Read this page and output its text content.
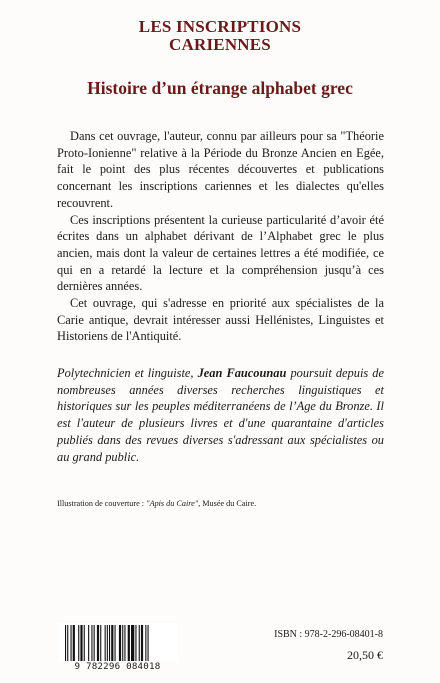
LES INSCRIPTIONS
CARIENNES
Histoire d’un étrange alphabet grec

Dans cet ouvrage, l'auteur, connu par ailleurs pour sa "Théorie Proto-Ionienne" relative à la Période du Bronze Ancien en Egée, fait le point des plus récentes découvertes et publications concernant les inscriptions cariennes et les dialectes qu'elles recouvrent.

Ces inscriptions présentent la curieuse particularité d’avoir été écrites dans un alphabet dérivant de l’Alphabet grec le plus ancien, mais dont la valeur de certaines lettres a été modifiée, ce qui en a retardé la lecture et la compréhension jusqu’à ces dernières années.

Cet ouvrage, qui s'adresse en priorité aux spécialistes de la Carie antique, devrait intéresser aussi Hellénistes, Linguistes et Historiens de l'Antiquité.

Polytechnicien et linguiste, Jean Faucounau poursuit depuis de nombreuses années diverses recherches linguistiques et historiques sur les peuples méditerranéens de l’Age du Bronze. Il est l'auteur de plusieurs livres et d'une quarantaine d'articles publiés dans des revues diverses s'adressant aux spécialistes ou au grand public.

Illustration de couverture : "Apis du Caire", Musée du Caire.
9 782296 084018
ISBN : 978-2-296-08401-8
20,50 €
